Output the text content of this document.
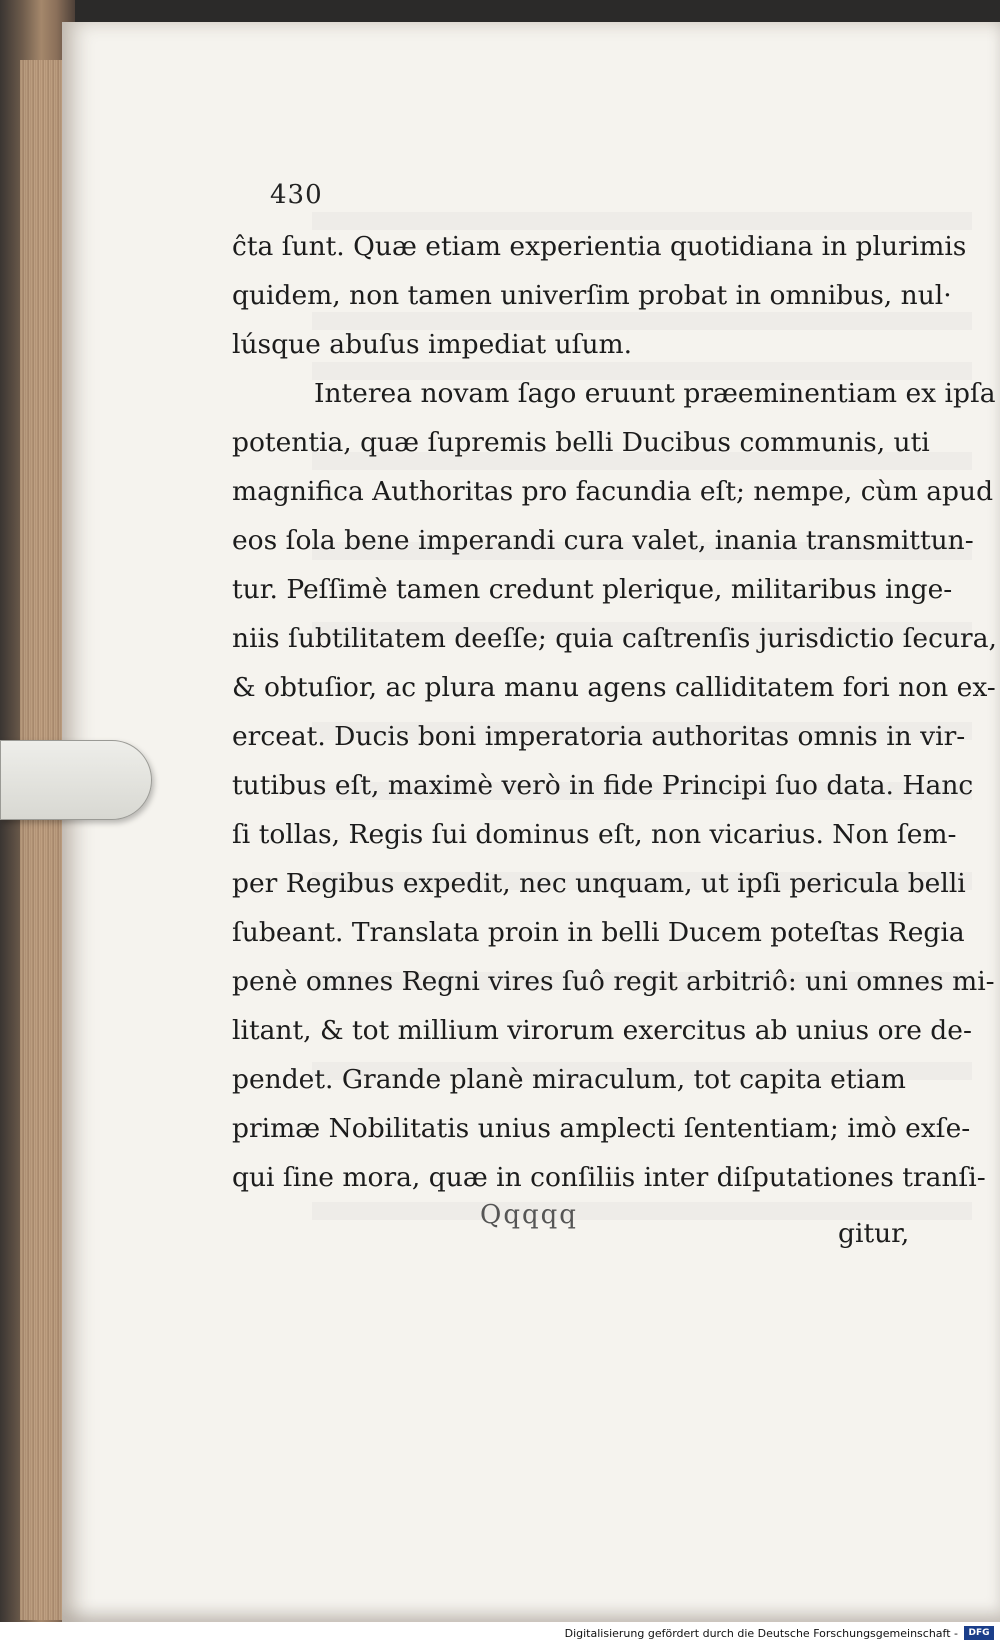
430
ĉta ſunt. Quæ etiam experientia quotidiana in plurimis
quidem, non tamen univerſim probat in omnibus, nul·
lúsque abuſus impediat uſum.
Interea novam ſago eruunt præeminentiam ex ipſa
potentia, quæ ſupremis belli Ducibus communis, uti
magnifica Authoritas pro facundia eſt; nempe, cùm apud
eos ſola bene imperandi cura valet, inania transmittun-
tur. Peſſimè tamen credunt plerique, militaribus inge-
niis ſubtilitatem deeſſe; quia caſtrenſis jurisdictio ſecura,
& obtuſior, ac plura manu agens calliditatem fori non ex-
erceat. Ducis boni imperatoria authoritas omnis in vir-
tutibus eſt, maximè verò in fide Principi ſuo data. Hanc
ſi tollas, Regis ſui dominus eſt, non vicarius. Non ſem-
per Regibus expedit, nec unquam, ut ipſi pericula belli
ſubeant. Translata proin in belli Ducem poteſtas Regia
penè omnes Regni vires ſuô regit arbitriô: uni omnes mi-
litant, & tot millium virorum exercitus ab unius ore de-
pendet. Grande planè miraculum, tot capita etiam
primæ Nobilitatis unius amplecti ſententiam; imò exſe-
qui ſine mora, quæ in conſiliis inter diſputationes tranſi-
Qqqqq
gitur,
Digitalisierung gefördert durch die Deutsche Forschungsgemeinschaft -	DFG
